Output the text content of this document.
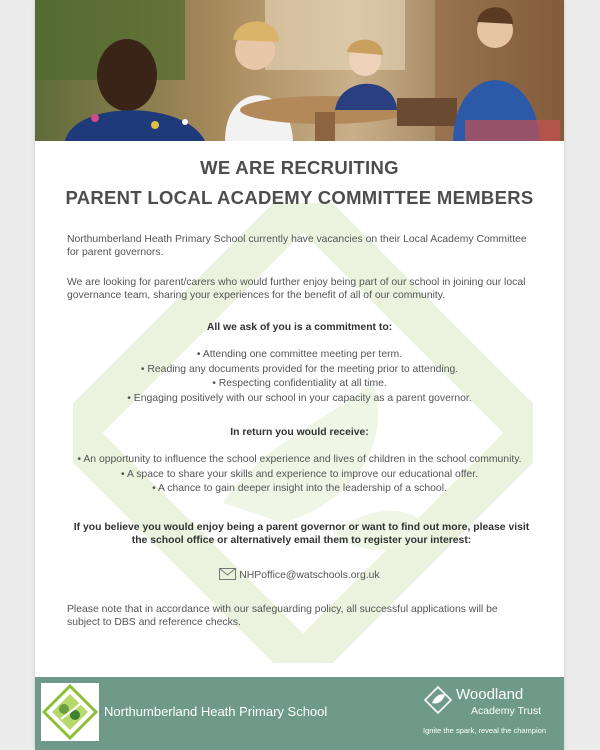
WE ARE RECRUITING

PARENT LOCAL ACADEMY COMMITTEE MEMBERS

Northumberland Heath Primary School currently have vacancies on their Local Academy Committee for parent governors.

We are looking for parent/carers who would further enjoy being part of our school in joining our local governance team, sharing your experiences for the benefit of all of our community.

All we ask of you is a commitment to:

• Attending one committee meeting per term.
• Reading any documents provided for the meeting prior to attending.
• Respecting confidentiality at all time.
• Engaging positively with our school in your capacity as a parent governor.

In return you would receive:

• An opportunity to influence the school experience and lives of children in the school community.
• A space to share your skills and experience to improve our educational offer.
• A chance to gain deeper insight into the leadership of a school.

If you believe you would enjoy being a parent governor or want to find out more, please visit the school office or alternatively email them to register your interest:

NHPoffice@watschools.org.uk

Please note that in accordance with our safeguarding policy, all successful applications will be subject to DBS and reference checks.

Northumberland Heath Primary School
Woodland
Academy Trust
Ignite the spark, reveal the champion
